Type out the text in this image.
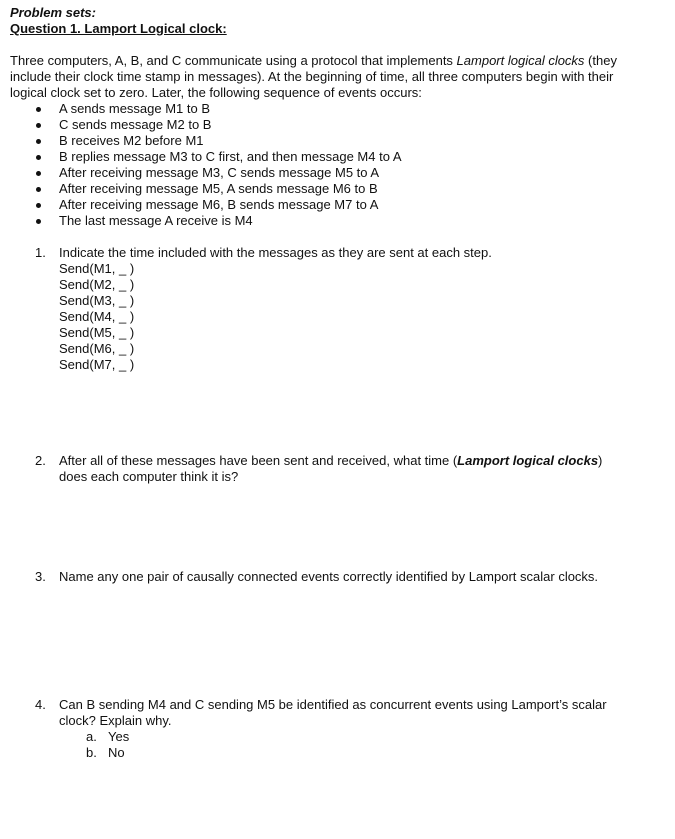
Problem sets:
Question 1. Lamport Logical clock:
Three computers, A, B, and C communicate using a protocol that implements Lamport logical clocks (they
include their clock time stamp in messages). At the beginning of time, all three computers begin with their
logical clock set to zero. Later, the following sequence of events occurs:
A sends message M1 to B
C sends message M2 to B
B receives M2 before M1
B replies message M3 to C first, and then message M4 to A
After receiving message M3, C sends message M5 to A
After receiving message M5, A sends message M6 to B
After receiving message M6, B sends message M7 to A
The last message A receive is M4
1.	Indicate the time included with the messages as they are sent at each step.
Send(M1, _ )
Send(M2, _ )
Send(M3, _ )
Send(M4, _ )
Send(M5, _ )
Send(M6, _ )
Send(M7, _ )
2.	After all of these messages have been sent and received, what time (Lamport logical clocks)
does each computer think it is?
3.	Name any one pair of causally connected events correctly identified by Lamport scalar clocks.
4.	Can B sending M4 and C sending M5 be identified as concurrent events using Lamport’s scalar
clock? Explain why.
a. Yes
b. No
